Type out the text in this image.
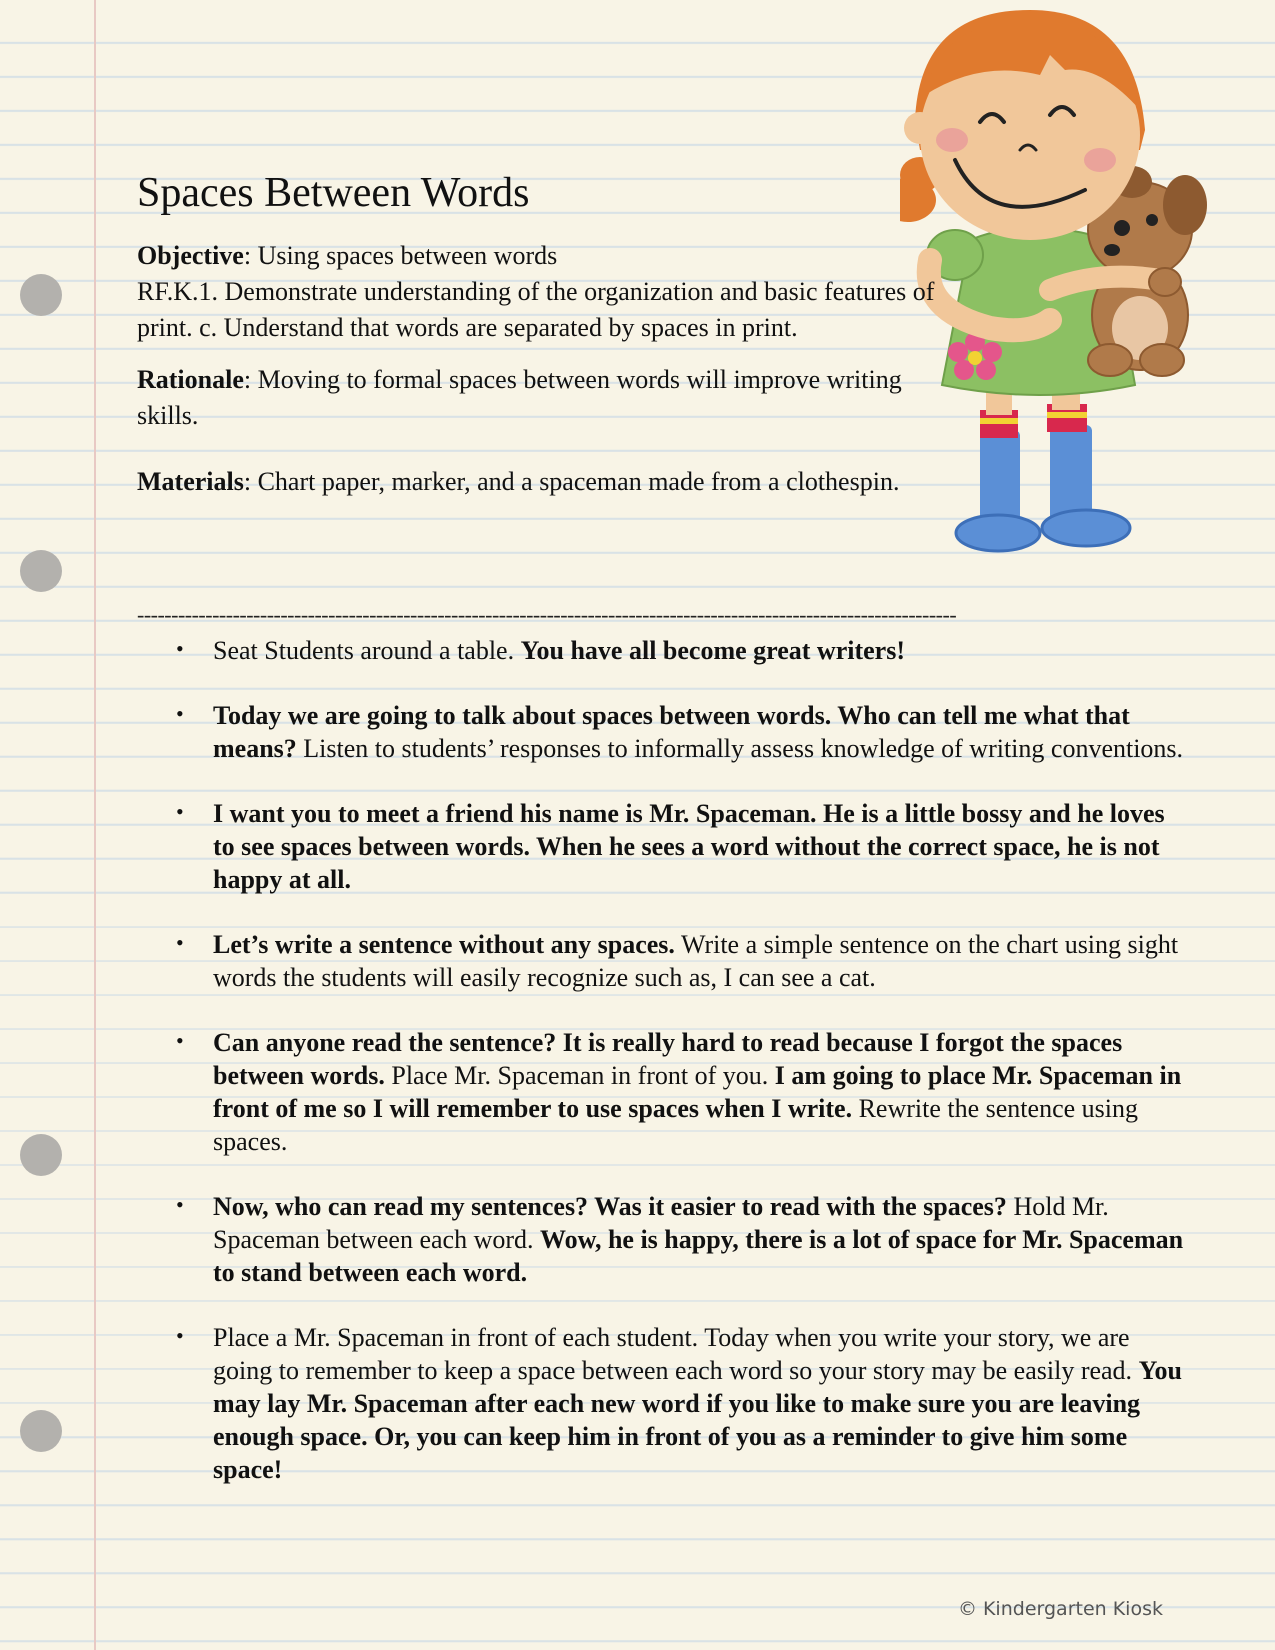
Spaces Between Words

Objective: Using spaces between words

RF.K.1. Demonstrate understanding of the organization and basic features of print. c. Understand that words are separated by spaces in print.

Rationale: Moving to formal spaces between words will improve writing skills.

Materials: Chart paper, marker, and a spaceman made from a clothespin.

------------------------------------------------------------------------------------------------------------------------
• Seat Students around a table. You have all become great writers!
• Today we are going to talk about spaces between words. Who can tell me what that means? Listen to students’ responses to informally assess knowledge of writing conventions.
• I want you to meet a friend his name is Mr. Spaceman. He is a little bossy and he loves to see spaces between words. When he sees a word without the correct space, he is not happy at all.
• Let’s write a sentence without any spaces. Write a simple sentence on the chart using sight words the students will easily recognize such as, I can see a cat.
• Can anyone read the sentence? It is really hard to read because I forgot the spaces between words. Place Mr. Spaceman in front of you. I am going to place Mr. Spaceman in front of me so I will remember to use spaces when I write. Rewrite the sentence using spaces.
• Now, who can read my sentences? Was it easier to read with the spaces? Hold Mr. Spaceman between each word. Wow, he is happy, there is a lot of space for Mr. Spaceman to stand between each word.
• Place a Mr. Spaceman in front of each student. Today when you write your story, we are going to remember to keep a space between each word so your story may be easily read. You may lay Mr. Spaceman after each new word if you like to make sure you are leaving enough space. Or, you can keep him in front of you as a reminder to give him some space!
© Kindergarten Kiosk
